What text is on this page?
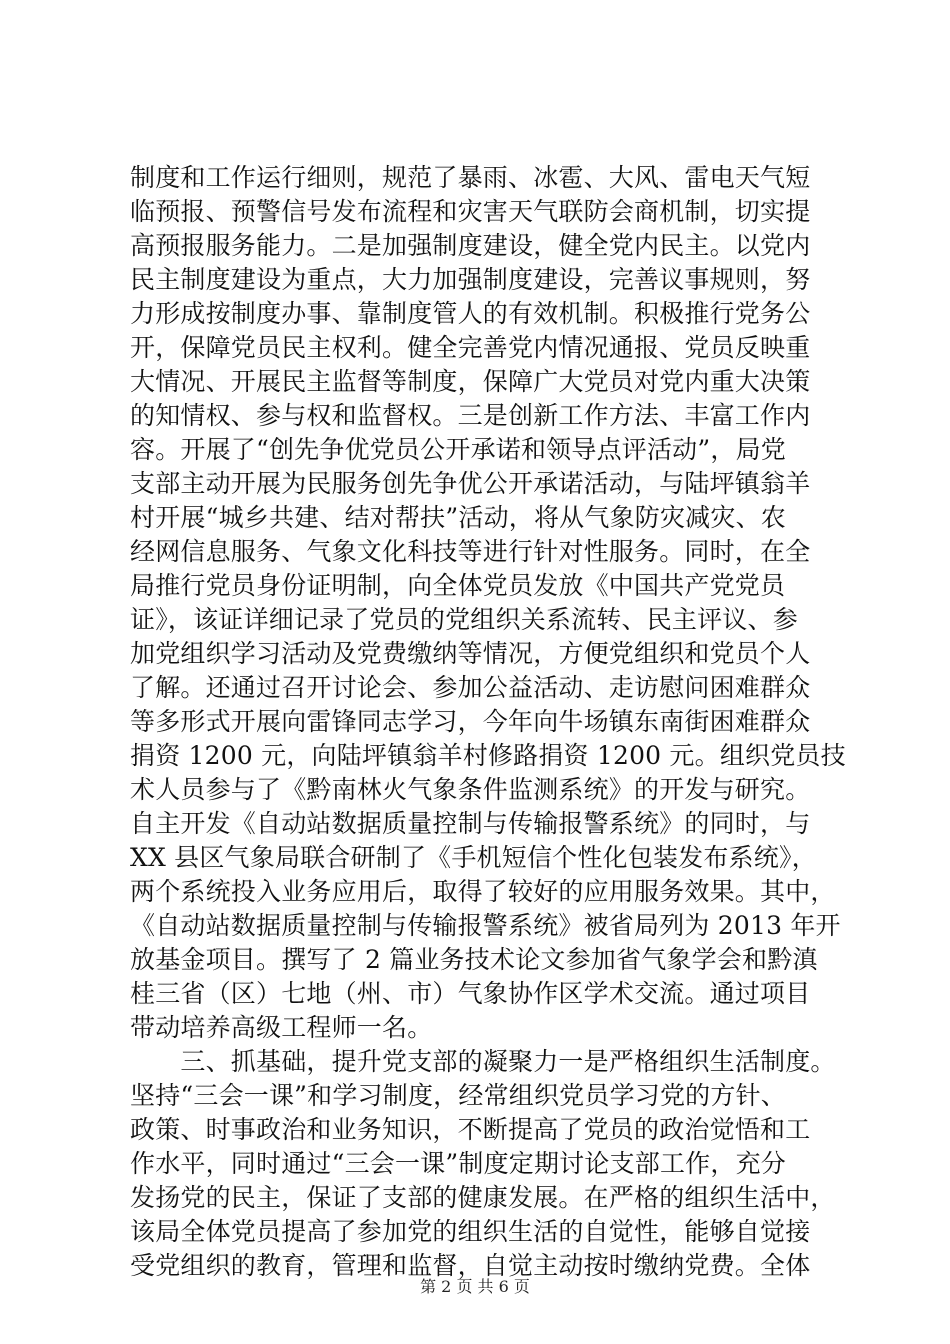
制度和工作运行细则，规范了暴雨、冰雹、大风、雷电天气短
临预报、预警信号发布流程和灾害天气联防会商机制，切实提
高预报服务能力。二是加强制度建设，健全党内民主。以党内
民主制度建设为重点，大力加强制度建设，完善议事规则，努
力形成按制度办事、靠制度管人的有效机制。积极推行党务公
开，保障党员民主权利。健全完善党内情况通报、党员反映重
大情况、开展民主监督等制度，保障广大党员对党内重大决策
的知情权、参与权和监督权。三是创新工作方法、丰富工作内
容。开展了“创先争优党员公开承诺和领导点评活动”，局党
支部主动开展为民服务创先争优公开承诺活动，与陆坪镇翁羊
村开展“城乡共建、结对帮扶”活动，将从气象防灾减灾、农
经网信息服务、气象文化科技等进行针对性服务。同时，在全
局推行党员身份证明制，向全体党员发放《中国共产党党员
证》，该证详细记录了党员的党组织关系流转、民主评议、参
加党组织学习活动及党费缴纳等情况，方便党组织和党员个人
了解。还通过召开讨论会、参加公益活动、走访慰问困难群众
等多形式开展向雷锋同志学习，今年向牛场镇东南街困难群众
捐资 1200 元，向陆坪镇翁羊村修路捐资 1200 元。组织党员技
术人员参与了《黔南林火气象条件监测系统》的开发与研究。
自主开发《自动站数据质量控制与传输报警系统》的同时，与
XX 县区气象局联合研制了《手机短信个性化包装发布系统》，
两个系统投入业务应用后，取得了较好的应用服务效果。其中，
《自动站数据质量控制与传输报警系统》被省局列为 2013 年开
放基金项目。撰写了 2 篇业务技术论文参加省气象学会和黔滇
桂三省（区）七地（州、市）气象协作区学术交流。通过项目
带动培养高级工程师一名。
　　三、抓基础，提升党支部的凝聚力一是严格组织生活制度。
坚持“三会一课”和学习制度，经常组织党员学习党的方针、
政策、时事政治和业务知识，不断提高了党员的政治觉悟和工
作水平，同时通过“三会一课”制度定期讨论支部工作，充分
发扬党的民主，保证了支部的健康发展。在严格的组织生活中，
该局全体党员提高了参加党的组织生活的自觉性，能够自觉接
受党组织的教育，管理和监督，自觉主动按时缴纳党费。全体
第 2 页 共 6 页
